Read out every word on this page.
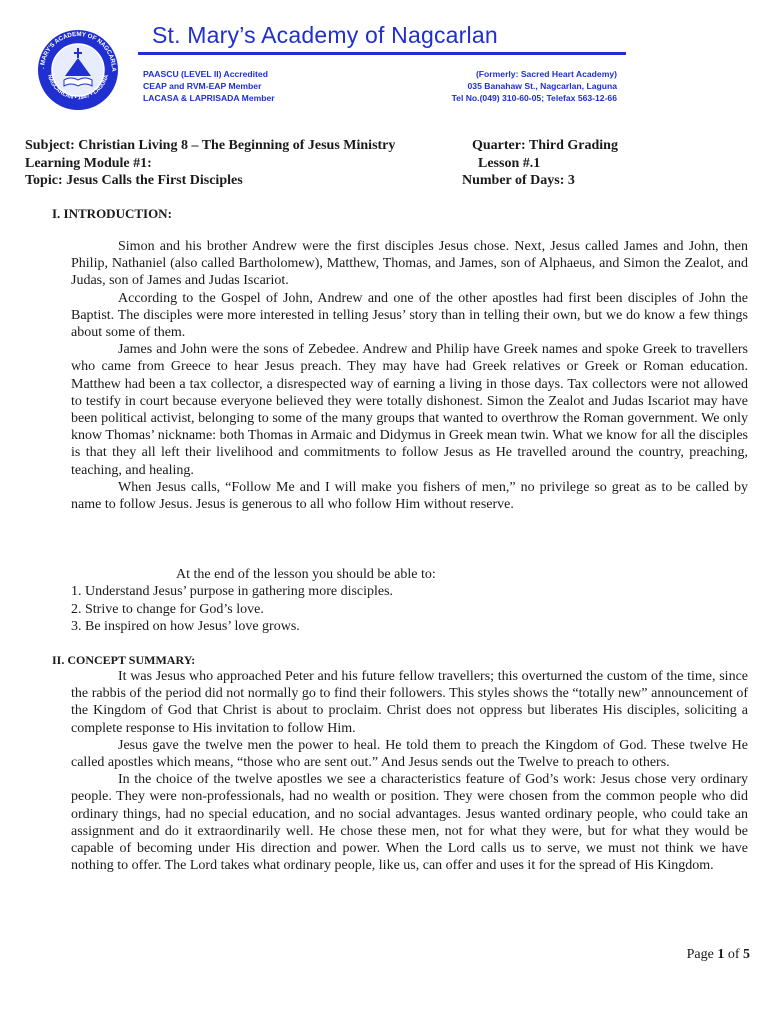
. MARY'S ACADEMY OF NAGCARLA
NAGCARLAN • 1947 • LAGUNA
St. Mary’s Academy of Nagcarlan
PAASCU (LEVEL II) Accredited
CEAP and RVM-EAP Member
LACASA & LAPRISADA Member
(Formerly: Sacred Heart Academy)
035 Banahaw St., Nagcarlan, Laguna
Tel No.(049) 310-60-05; Telefax 563-12-66
Subject: Christian Living 8 – The Beginning of Jesus Ministry	Quarter: Third Grading
Learning Module #1:	Lesson #.1
Topic: Jesus Calls the First Disciples	Number of Days: 3
I. INTRODUCTION:

Simon and his brother Andrew were the first disciples Jesus chose. Next, Jesus called James and John, then Philip, Nathaniel (also called Bartholomew), Matthew, Thomas, and James, son of Alphaeus, and Simon the Zealot, and Judas, son of James and Judas Iscariot.

According to the Gospel of John, Andrew and one of the other apostles had first been disciples of John the Baptist. The disciples were more interested in telling Jesus’ story than in telling their own, but we do know a few things about some of them.

James and John were the sons of Zebedee. Andrew and Philip have Greek names and spoke Greek to travellers who came from Greece to hear Jesus preach. They may have had Greek relatives or Greek or Roman education. Matthew had been a tax collector, a disrespected way of earning a living in those days. Tax collectors were not allowed to testify in court because everyone believed they were totally dishonest. Simon the Zealot and Judas Iscariot may have been political activist, belonging to some of the many groups that wanted to overthrow the Roman government. We only know Thomas’ nickname: both Thomas in Armaic and Didymus in Greek mean twin. What we know for all the disciples is that they all left their livelihood and commitments to follow Jesus as He travelled around the country, preaching, teaching, and healing.

When Jesus calls, “Follow Me and I will make you fishers of men,” no privilege so great as to be called by name to follow Jesus. Jesus is generous to all who follow Him without reserve.

At the end of the lesson you should be able to:
1. Understand Jesus’ purpose in gathering more disciples.
2. Strive to change for God’s love.
3. Be inspired on how Jesus’ love grows.
II. CONCEPT SUMMARY:

It was Jesus who approached Peter and his future fellow travellers; this overturned the custom of the time, since the rabbis of the period did not normally go to find their followers. This styles shows the “totally new” announcement of the Kingdom of God that Christ is about to proclaim. Christ does not oppress but liberates His disciples, soliciting a complete response to His invitation to follow Him.

Jesus gave the twelve men the power to heal. He told them to preach the Kingdom of God. These twelve He called apostles which means, “those who are sent out.” And Jesus sends out the Twelve to preach to others.

In the choice of the twelve apostles we see a characteristics feature of God’s work: Jesus chose very ordinary people. They were non-professionals, had no wealth or position. They were chosen from the common people who did ordinary things, had no special education, and no social advantages. Jesus wanted ordinary people, who could take an assignment and do it extraordinarily well. He chose these men, not for what they were, but for what they would be capable of becoming under His direction and power. When the Lord calls us to serve, we must not think we have nothing to offer. The Lord takes what ordinary people, like us, can offer and uses it for the spread of His Kingdom.

Page 1 of 5
